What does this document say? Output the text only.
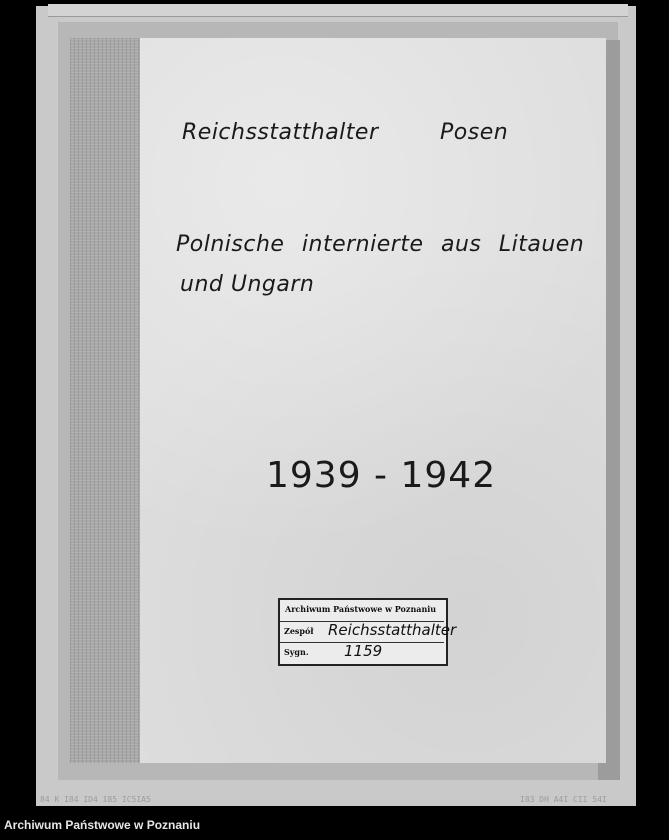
Reichsstatthalter	Posen
Polnische internierte aus Litauen
und Ungarn
1939 - 1942
Archiwum Państwowe w Poznaniu
Zespół Reichsstatthalter
Sygn. 1159
84 K I84 ID4 I85 IC5IA5	I83 DH A4I CII 54I
Archiwum Państwowe w Poznaniu
